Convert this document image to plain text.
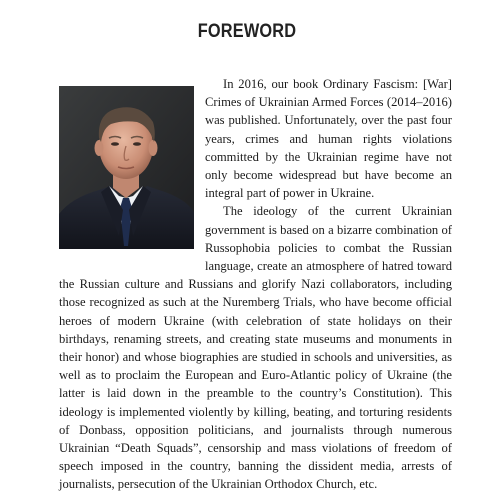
FOREWORD

In 2016, our book Ordinary Fascism: [War] Crimes of Ukrainian Armed Forces (2014–2016) was published. Unfortunately, over the past four years, crimes and human rights violations committed by the Ukrainian regime have not only become widespread but have become an integral part of power in Ukraine.

The ideology of the current Ukrainian government is based on a bizarre combination of Russophobia policies to combat the Russian language, create an atmosphere of hatred toward the Russian culture and Russians and glorify Nazi collaborators, including those recognized as such at the Nuremberg Trials, who have become official heroes of modern Ukraine (with celebration of state holidays on their birthdays, renaming streets, and creating state museums and monuments in their honor) and whose biographies are studied in schools and universities, as well as to proclaim the European and Euro-Atlantic policy of Ukraine (the latter is laid down in the preamble to the country’s Constitution). This ideology is implemented violently by killing, beating, and torturing residents of Donbass, opposition politicians, and journalists through numerous Ukrainian “Death Squads”, censorship and mass violations of freedom of speech imposed in the country, banning the dissident media, arrests of journalists, persecution of the Ukrainian Orthodox Church, etc.
